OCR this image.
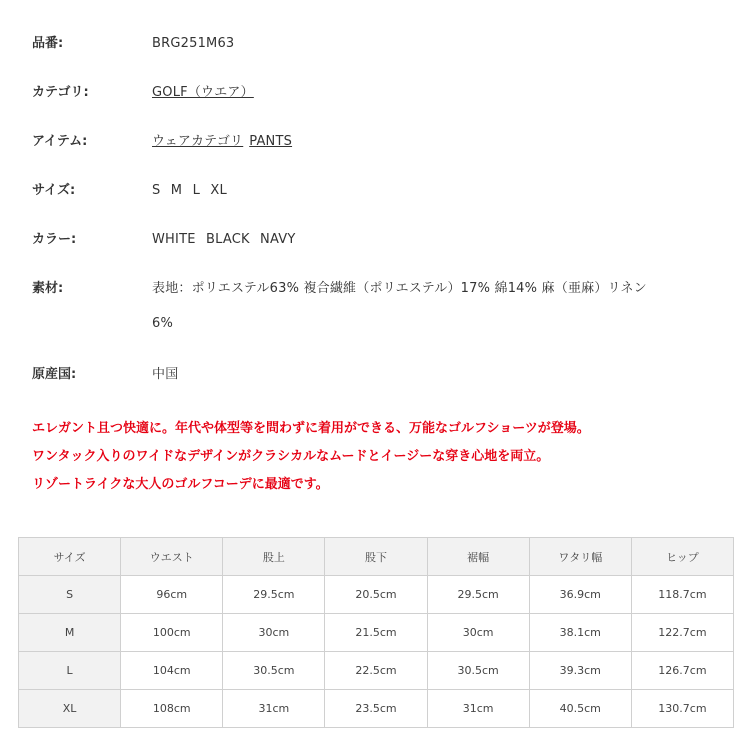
品番:	BRG251M63
カテゴリ:	GOLF（ウエア）
アイテム:	ウェアカテゴリ PANTS
サイズ:	S M L XL
カラー:	WHITE BLACK NAVY
素材:	表地：ポリエステル63% 複合繊維（ポリエステル）17% 綿14% 麻（亜麻）リネン
6%
原産国:	中国

エレガント且つ快適に。年代や体型等を問わずに着用ができる、万能なゴルフショーツが登場。

ワンタック入りのワイドなデザインがクラシカルなムードとイージーな穿き心地を両立。

リゾートライクな大人のゴルフコーデに最適です。

サイズ	ウエスト	股上	股下	裾幅	ワタリ幅	ヒップ
S	96cm	29.5cm	20.5cm	29.5cm	36.9cm	118.7cm
M	100cm	30cm	21.5cm	30cm	38.1cm	122.7cm
L	104cm	30.5cm	22.5cm	30.5cm	39.3cm	126.7cm
XL	108cm	31cm	23.5cm	31cm	40.5cm	130.7cm
